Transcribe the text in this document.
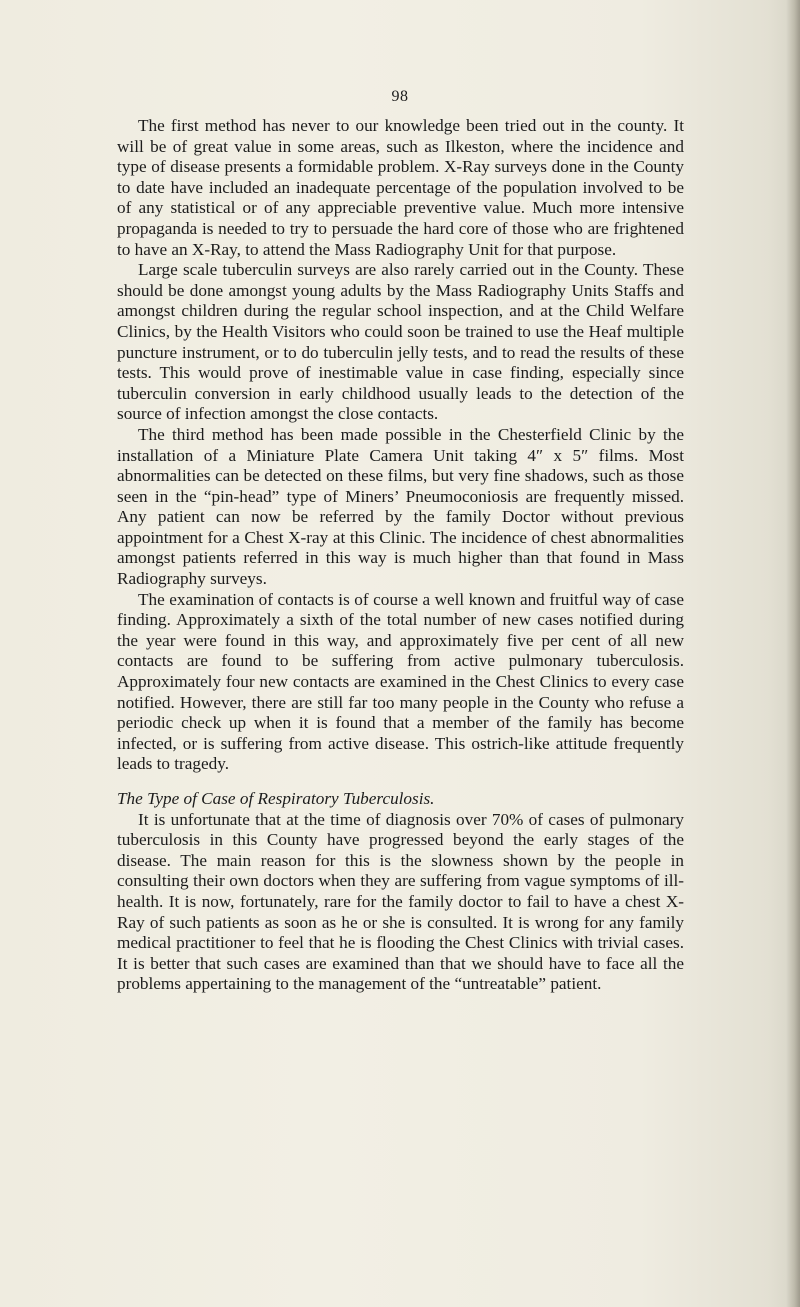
98

The first method has never to our knowledge been tried out in the county. It will be of great value in some areas, such as Ilkeston, where the incidence and type of disease presents a formidable problem. X-Ray surveys done in the County to date have included an inadequate percentage of the population involved to be of any statistical or of any appreciable preventive value. Much more intensive propaganda is needed to try to persuade the hard core of those who are frightened to have an X-Ray, to attend the Mass Radiography Unit for that purpose.

Large scale tuberculin surveys are also rarely carried out in the County. These should be done amongst young adults by the Mass Radiography Units Staffs and amongst children during the regular school inspection, and at the Child Welfare Clinics, by the Health Visitors who could soon be trained to use the Heaf multiple puncture instrument, or to do tuberculin jelly tests, and to read the results of these tests. This would prove of inestimable value in case finding, especially since tuberculin conversion in early childhood usually leads to the detection of the source of infection amongst the close contacts.

The third method has been made possible in the Chesterfield Clinic by the installation of a Miniature Plate Camera Unit taking 4″ x 5″ films. Most abnormalities can be detected on these films, but very fine shadows, such as those seen in the “pin-head” type of Miners’ Pneumoconiosis are frequently missed. Any patient can now be referred by the family Doctor without previous appointment for a Chest X-ray at this Clinic. The incidence of chest abnormalities amongst patients referred in this way is much higher than that found in Mass Radiography surveys.

The examination of contacts is of course a well known and fruitful way of case finding. Approximately a sixth of the total number of new cases notified during the year were found in this way, and approximately five per cent of all new contacts are found to be suffering from active pulmonary tuberculosis. Approximately four new contacts are examined in the Chest Clinics to every case notified. However, there are still far too many people in the County who refuse a periodic check up when it is found that a member of the family has become infected, or is suffering from active disease. This ostrich-like attitude frequently leads to tragedy.

The Type of Case of Respiratory Tuberculosis.

It is unfortunate that at the time of diagnosis over 70% of cases of pulmonary tuberculosis in this County have progressed beyond the early stages of the disease. The main reason for this is the slowness shown by the people in consulting their own doctors when they are suffering from vague symptoms of ill-health. It is now, fortunately, rare for the family doctor to fail to have a chest X-Ray of such patients as soon as he or she is consulted. It is wrong for any family medical practitioner to feel that he is flooding the Chest Clinics with trivial cases. It is better that such cases are examined than that we should have to face all the problems appertaining to the management of the “untreatable” patient.
